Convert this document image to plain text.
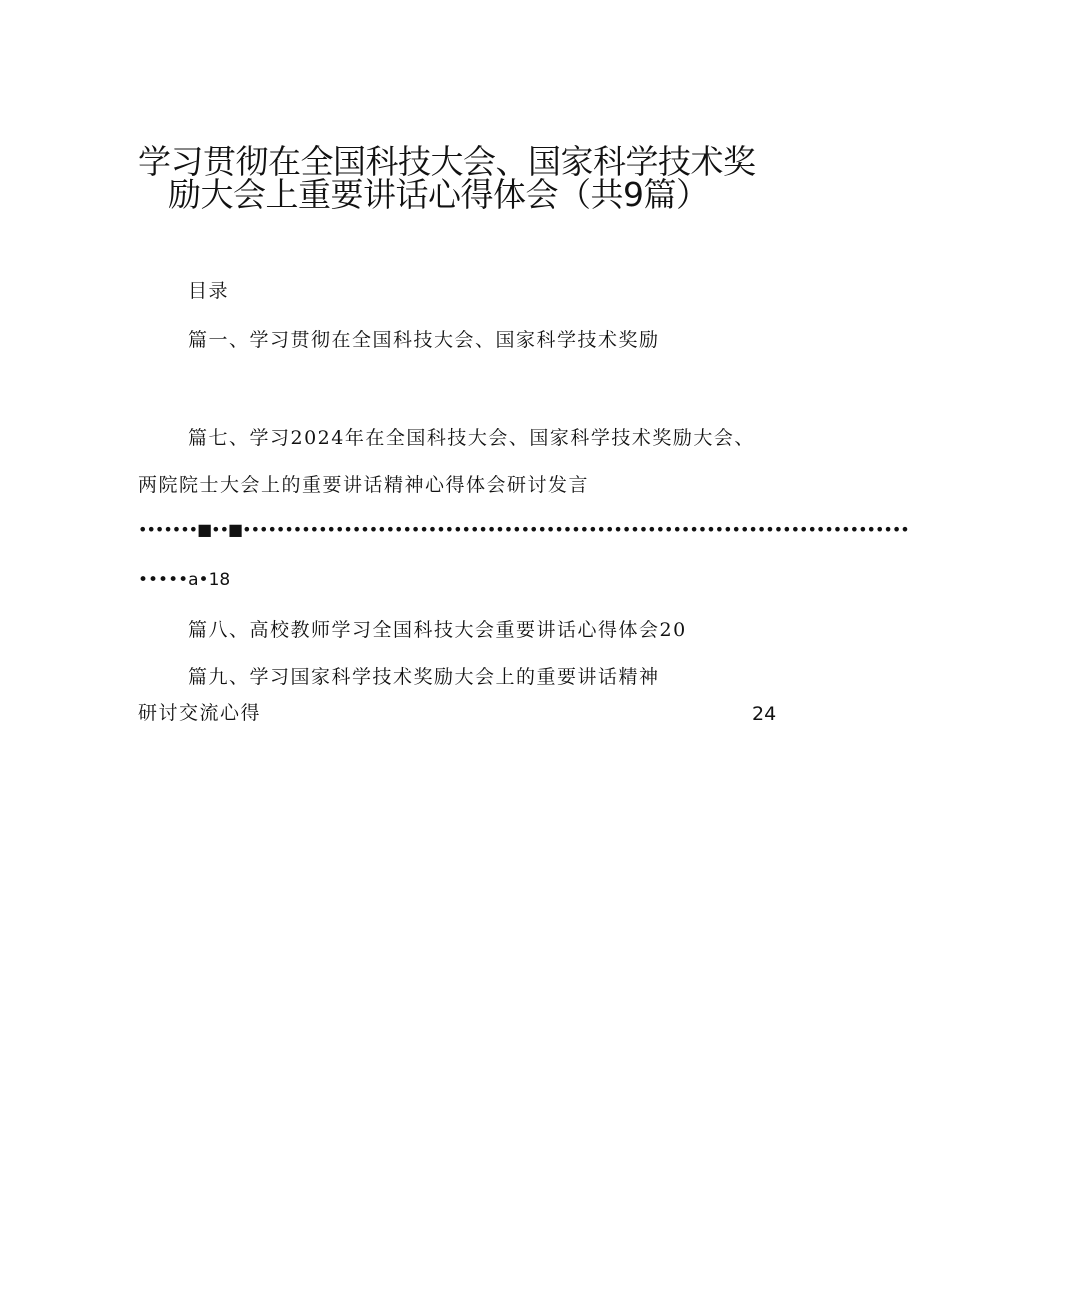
学习贯彻在全国科技大会、国家科学技术奖
励大会上重要讲话心得体会（共9篇）
目录
篇一、学习贯彻在全国科技大会、国家科学技术奖励
篇七、学习2024年在全国科技大会、国家科学技术奖励大会、
两院院士大会上的重要讲话精神心得体会研讨发言
•••••••■••■•••••••••••••••••••••••••••••••••••••••••••••••••••••••••••••••••••••••••••••••
•••••a•18
篇八、高校教师学习全国科技大会重要讲话心得体会20
篇九、学习国家科学技术奖励大会上的重要讲话精神
研讨交流心得	24
